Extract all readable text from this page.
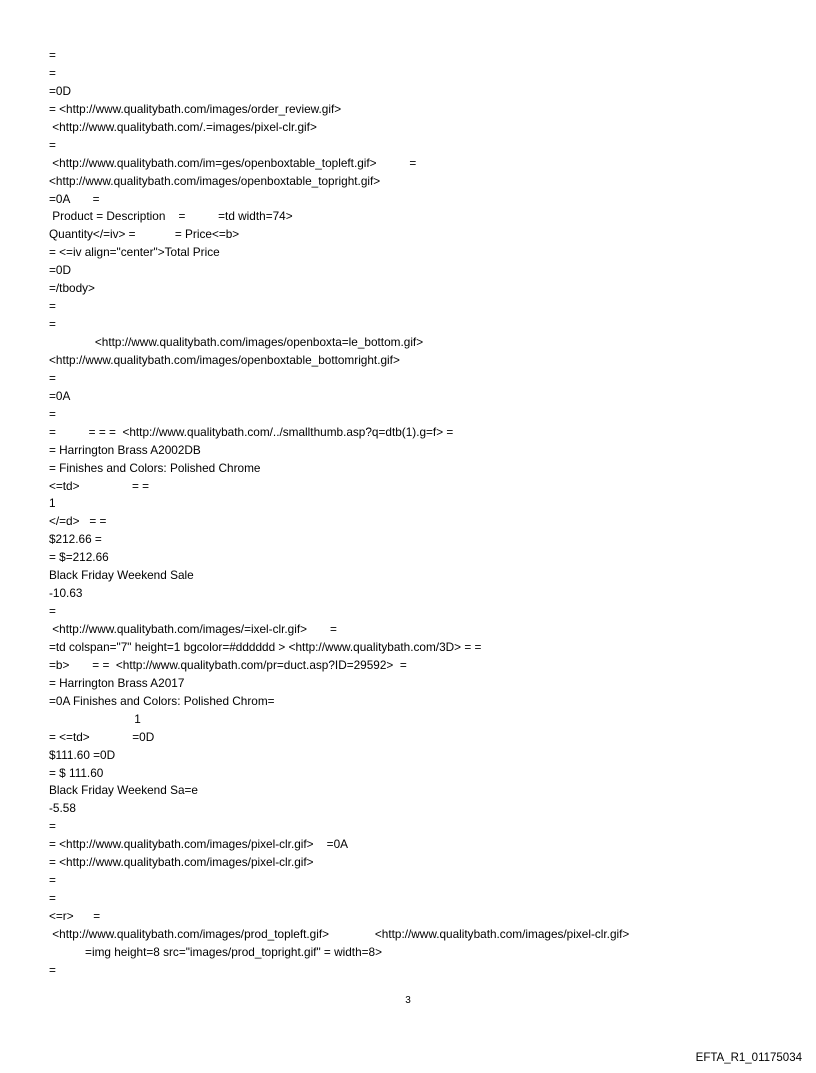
=
=
=0D
= <http://www.qualitybath.com/images/order_review.gif>
<http://www.qualitybath.com/.=images/pixel-clr.gif>
=
<http://www.qualitybath.com/im=ges/openboxtable_topleft.gif>          =
<http://www.qualitybath.com/images/openboxtable_topright.gif>
=0A       =
Product = Description    =          =td width=74>
Quantity</=iv> =            = Price<=b>
= <=iv align="center">Total Price
=0D
=/tbody>
=
=
<http://www.qualitybath.com/images/openboxta=le_bottom.gif>
<http://www.qualitybath.com/images/openboxtable_bottomright.gif>
=
=0A
=
=          = = =  <http://www.qualitybath.com/../smallthumb.asp?q=dtb(1).g=f> =
= Harrington Brass A2002DB
= Finishes and Colors: Polished Chrome
<=td>                = =
1
</=d>   = =
$212.66 =
= $=212.66
Black Friday Weekend Sale
-10.63
=
<http://www.qualitybath.com/images/=ixel-clr.gif>       =
=td colspan="7" height=1 bgcolor=#dddddd > <http://www.qualitybath.com/3D> = =
=b>       = =  <http://www.qualitybath.com/pr=duct.asp?ID=29592>  =
= Harrington Brass A2017
=0A Finishes and Colors: Polished Chrom=
1
= <=td>             =0D
$111.60 =0D
= $ 111.60
Black Friday Weekend Sa=e
-5.58
=
= <http://www.qualitybath.com/images/pixel-clr.gif>    =0A
= <http://www.qualitybath.com/images/pixel-clr.gif>
=
=
<=r>      =
<http://www.qualitybath.com/images/prod_topleft.gif>              <http://www.qualitybath.com/images/pixel-clr.gif>
=img height=8 src="images/prod_topright.gif" = width=8>
=
3
EFTA_R1_01175034
